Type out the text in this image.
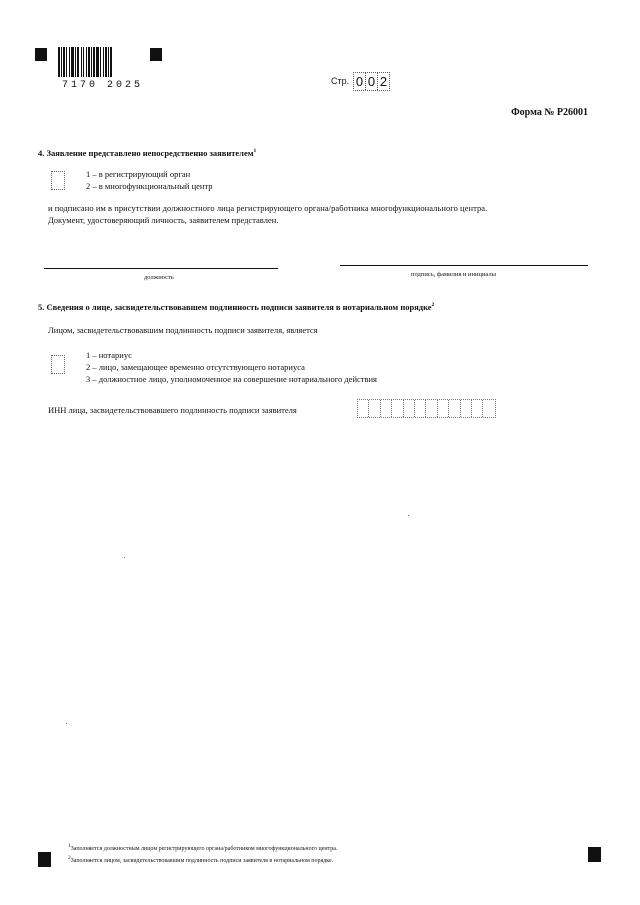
7170 2025	Стр. 0 0 2
Форма № Р26001
4. Заявление представлено непосредственно заявителем$^1$
1 – в регистрирующий орган
2 – в многофункциональный центр
и подписано им в присутствии должностного лица регистрирующего органа/работника многофункционального центра.
Документ, удостоверяющий личность, заявителем представлен.
должность	подпись, фамилия и инициалы
5. Сведения о лице, засвидетельствовавшем подлинность подписи заявителя в нотариальном порядке$^2$
Лицом, засвидетельствовавшим подлинность подписи заявителя, является
1 – нотариус
2 – лицо, замещающее временно отсутствующего нотариуса
3 – должностное лицо, уполномоченное на совершение нотариального действия
ИНН лица, засвидетельствовавшего подлинность подписи заявителя
$^1$Заполняется должностным лицом регистрирующего органа/работником многофункционального центра.
$^2$Заполняется лицом, засвидетельствовавшим подлинность подписи заявителя в нотариальном порядке.
